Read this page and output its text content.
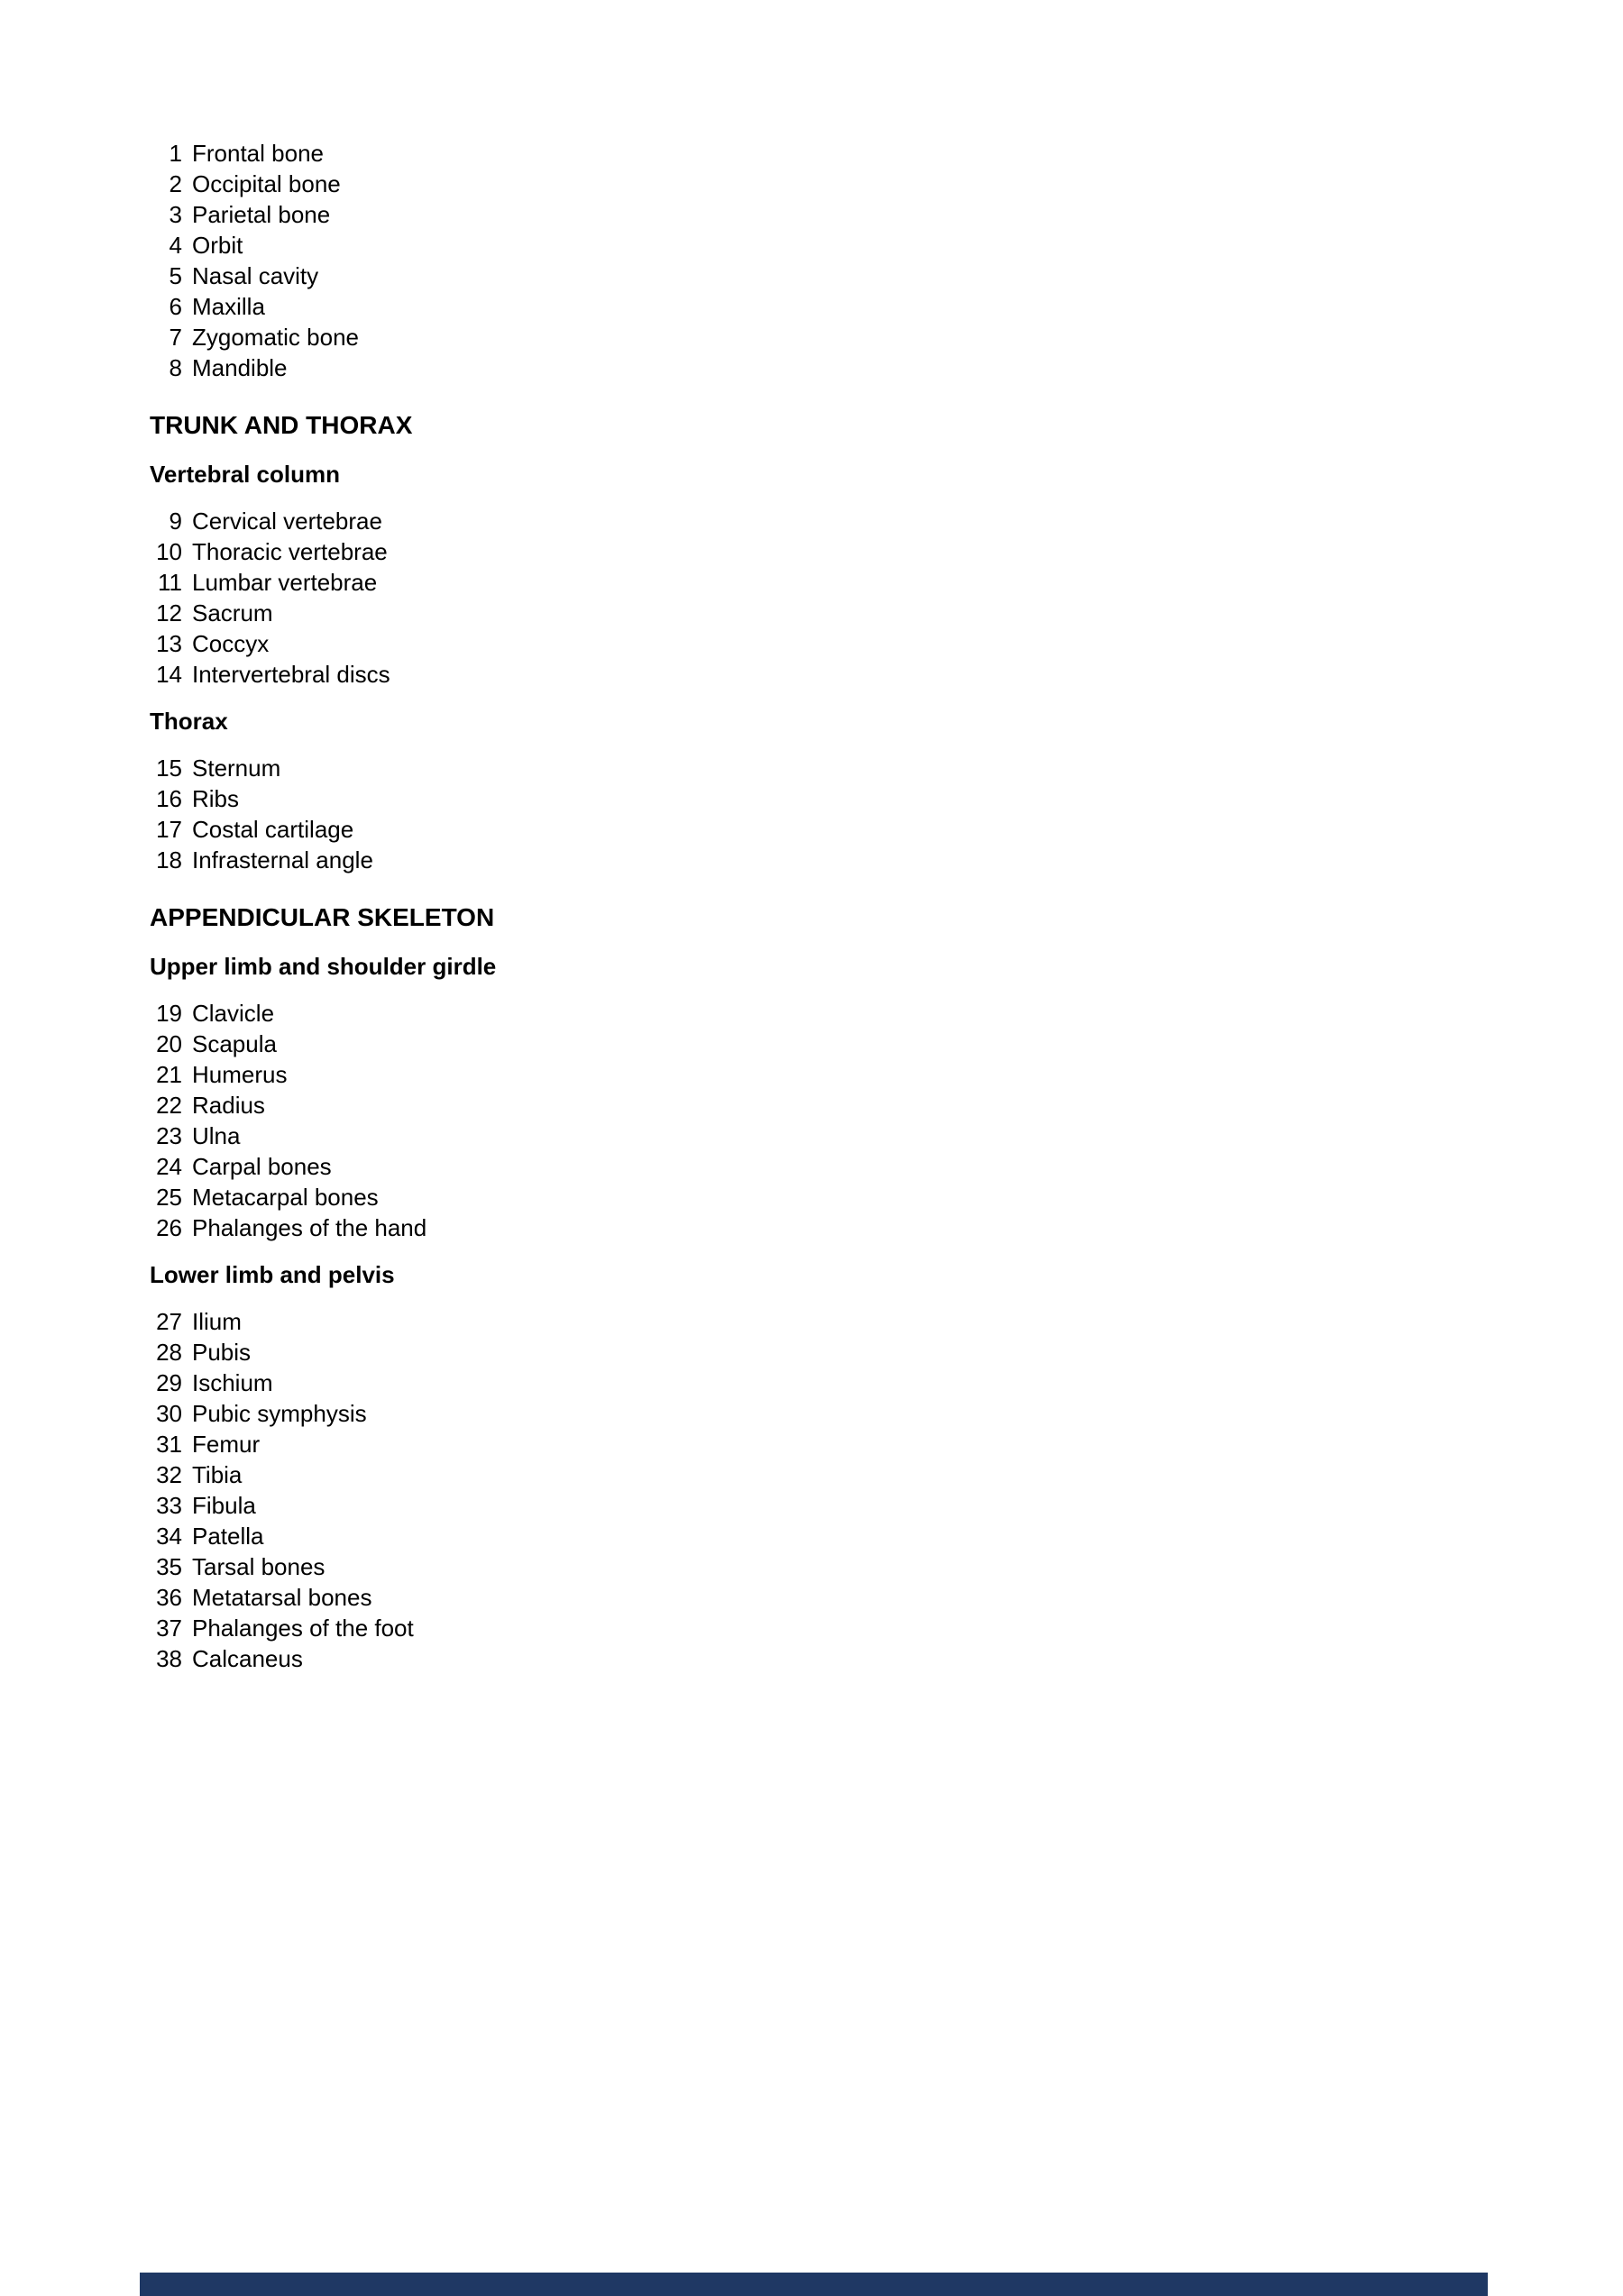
1 Frontal bone
2 Occipital bone
3 Parietal bone
4 Orbit
5 Nasal cavity
6 Maxilla
7 Zygomatic bone
8 Mandible
TRUNK AND THORAX
Vertebral column
9 Cervical vertebrae
10 Thoracic vertebrae
11 Lumbar vertebrae
12 Sacrum
13 Coccyx
14 Intervertebral discs
Thorax
15 Sternum
16 Ribs
17 Costal cartilage
18 Infrasternal angle
APPENDICULAR SKELETON
Upper limb and shoulder girdle
19 Clavicle
20 Scapula
21 Humerus
22 Radius
23 Ulna
24 Carpal bones
25 Metacarpal bones
26 Phalanges of the hand
Lower limb and pelvis
27 Ilium
28 Pubis
29 Ischium
30 Pubic symphysis
31 Femur
32 Tibia
33 Fibula
34 Patella
35 Tarsal bones
36 Metatarsal bones
37 Phalanges of the foot
38 Calcaneus
